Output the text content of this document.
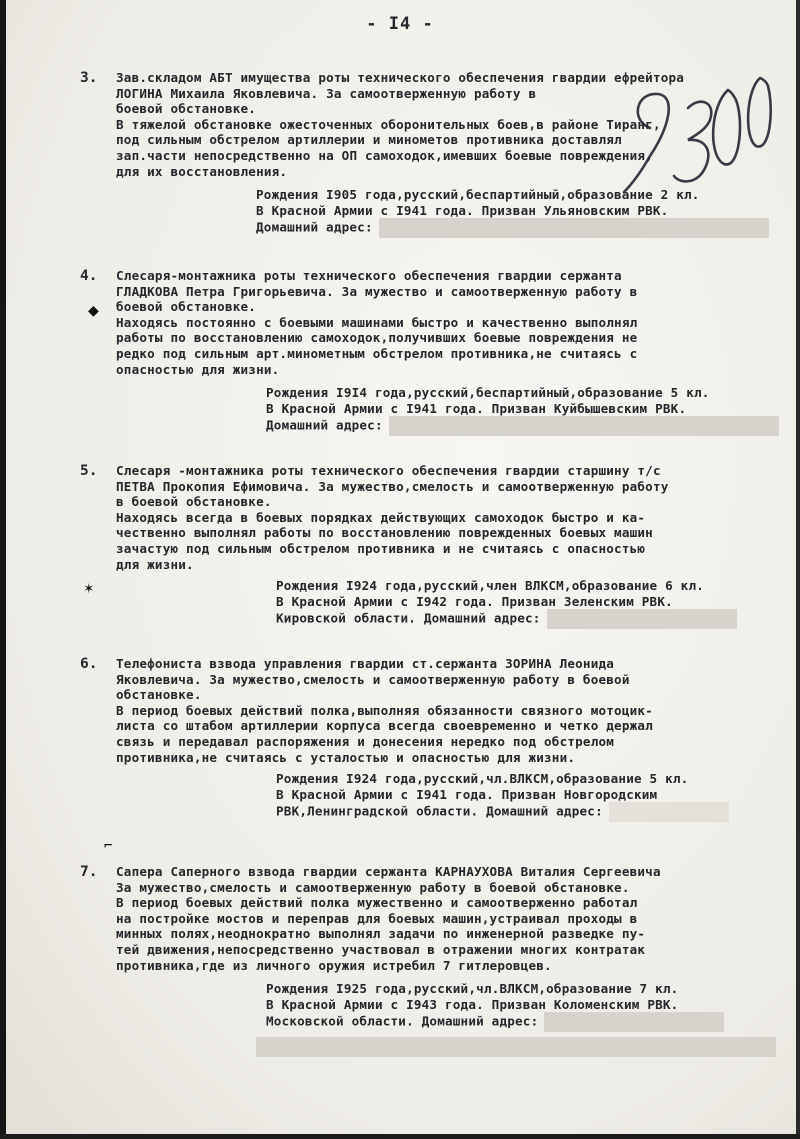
- I4 -
3. Зав.складом АБТ имущества роты технического обеспечения гвардии ефрейтора
ЛОГИНА Михаила Яковлевича. За самоотверженную работу в
боевой обстановке.
В тяжелой обстановке ожесточенных оборонительных боев,в районе Тиранг,
под сильным обстрелом артиллерии и минометов противника доставлял
зап.части непосредственно на ОП самоходок,имевших боевые повреждения,
для их восстановления.
Рождения I905 года,русский,беспартийный,образование 2 кл.
В Красной Армии с I941 года. Призван Ульяновским РВК.
Домашний адрес:
4. Слесаря-монтажника роты технического обеспечения гвардии сержанта
ГЛАДКОВА Петра Григорьевича. За мужество и самоотверженную работу в
боевой обстановке.
Находясь постоянно с боевыми машинами быстро и качественно выполнял
работы по восстановлению самоходок,получивших боевые повреждения не
редко под сильным арт.минометным обстрелом противника,не считаясь с
опасностью для жизни.
Рождения I9I4 года,русский,беспартийный,образование 5 кл.
В Красной Армии с I941 года. Призван Куйбышевским РВК.
Домашний адрес:
5. Слесаря -монтажника роты технического обеспечения гвардии старшину т/с
ПЕТВА Прокопия Ефимовича. За мужество,смелость и самоотверженную работу
в боевой обстановке.
Находясь всегда в боевых порядках действующих самоходок быстро и ка-
чественно выполнял работы по восстановлению поврежденных боевых машин
зачастую под сильным обстрелом противника и не считаясь с опасностью
для жизни.
Рождения I924 года,русский,член ВЛКСМ,образование 6 кл.
В Красной Армии с I942 года. Призван Зеленским РВК.
Кировской области. Домашний адрес:
6. Телефониста взвода управления гвардии ст.сержанта ЗОРИНА Леонида
Яковлевича. За мужество,смелость и самоотверженную работу в боевой
обстановке.
В период боевых действий полка,выполняя обязанности связного мотоцик-
листа со штабом артиллерии корпуса всегда своевременно и четко держал
связь и передавал распоряжения и донесения нередко под обстрелом
противника,не считаясь с усталостью и опасностью для жизни.
Рождения I924 года,русский,чл.ВЛКСМ,образование 5 кл.
В Красной Армии с I941 года. Призван Новгородским
РВК,Ленинградской области. Домашний адрес:
7. Сапера Саперного взвода гвардии сержанта КАРНАУХОВА Виталия Сергеевича
За мужество,смелость и самоотверженную работу в боевой обстановке.
В период боевых действий полка мужественно и самоотверженно работал
на постройке мостов и переправ для боевых машин,устраивал проходы в
минных полях,неоднократно выполнял задачи по инженерной разведке пу-
тей движения,непосредственно участвовал в отражении многих контратак
противника,где из личного оружия истребил 7 гитлеровцев.
Рождения I925 года,русский,чл.ВЛКСМ,образование 7 кл.
В Красной Армии с I943 года. Призван Коломенским РВК.
Московской области. Домашний адрес:
◆
✶
⌐
